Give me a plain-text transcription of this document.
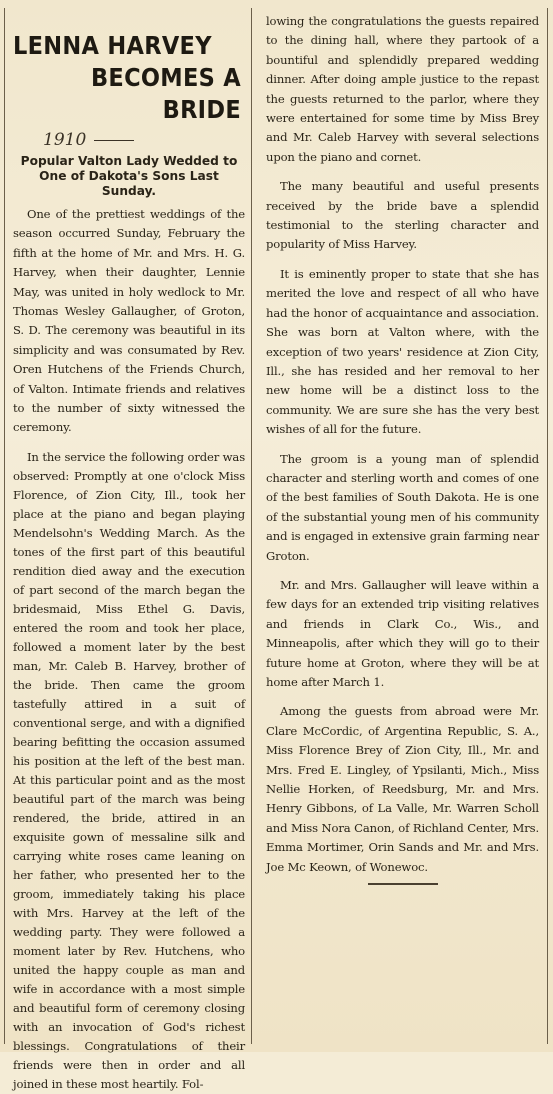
LENNA HARVEY
BECOMES A BRIDE
1910
Popular Valton Lady Wedded to One of Dakota's Sons Last Sunday.

One of the prettiest weddings of the season occurred Sunday, February the fifth at the home of Mr. and Mrs. H. G. Harvey, when their daughter, Lennie May, was united in holy wedlock to Mr. Thomas Wesley Gallaugher, of Groton, S. D. The ceremony was beautiful in its simplicity and was consumated by Rev. Oren Hutchens of the Friends Church, of Valton. Intimate friends and relatives to the number of sixty witnessed the ceremony.

In the service the following order was observed: Promptly at one o'clock Miss Florence, of Zion City, Ill., took her place at the piano and began playing Mendelsohn's Wedding March. As the tones of the first part of this beautiful rendition died away and the execution of part second of the march began the bridesmaid, Miss Ethel G. Davis, entered the room and took her place, followed a moment later by the best man, Mr. Caleb B. Harvey, brother of the bride. Then came the groom tastefully attired in a suit of conventional serge, and with a dignified bearing befitting the occasion assumed his position at the left of the best man. At this particular point and as the most beautiful part of the march was being rendered, the bride, attired in an exquisite gown of messaline silk and carrying white roses came leaning on her father, who presented her to the groom, immediately taking his place with Mrs. Harvey at the left of the wedding party. They were followed a moment later by Rev. Hutchens, who united the happy couple as man and wife in accordance with a most simple and beautiful form of ceremony closing with an invocation of God's richest blessings. Congratulations of their friends were then in order and all joined in these most heartily. Fol-

lowing the congratulations the guests repaired to the dining hall, where they partook of a bountiful and splendidly prepared wedding dinner. After doing ample justice to the repast the guests returned to the parlor, where they were entertained for some time by Miss Brey and Mr. Caleb Harvey with several selections upon the piano and cornet.

The many beautiful and useful presents received by the bride bave a splendid testimonial to the sterling character and popularity of Miss Harvey.

It is eminently proper to state that she has merited the love and respect of all who have had the honor of acquaintance and association. She was born at Valton where, with the exception of two years' residence at Zion City, Ill., she has resided and her removal to her new home will be a distinct loss to the community. We are sure she has the very best wishes of all for the future.

The groom is a young man of splendid character and sterling worth and comes of one of the best families of South Dakota. He is one of the substantial young men of his community and is engaged in extensive grain farming near Groton.

Mr. and Mrs. Gallaugher will leave within a few days for an extended trip visiting relatives and friends in Clark Co., Wis., and Minneapolis, after which they will go to their future home at Groton, where they will be at home after March 1.

Among the guests from abroad were Mr. Clare McCordic, of Argentina Republic, S. A., Miss Florence Brey of Zion City, Ill., Mr. and Mrs. Fred E. Lingley, of Ypsilanti, Mich., Miss Nellie Horken, of Reedsburg, Mr. and Mrs. Henry Gibbons, of La Valle, Mr. Warren Scholl and Miss Nora Canon, of Richland Center, Mrs. Emma Mortimer, Orin Sands and Mr. and Mrs. Joe Mc Keown, of Wonewoc.
